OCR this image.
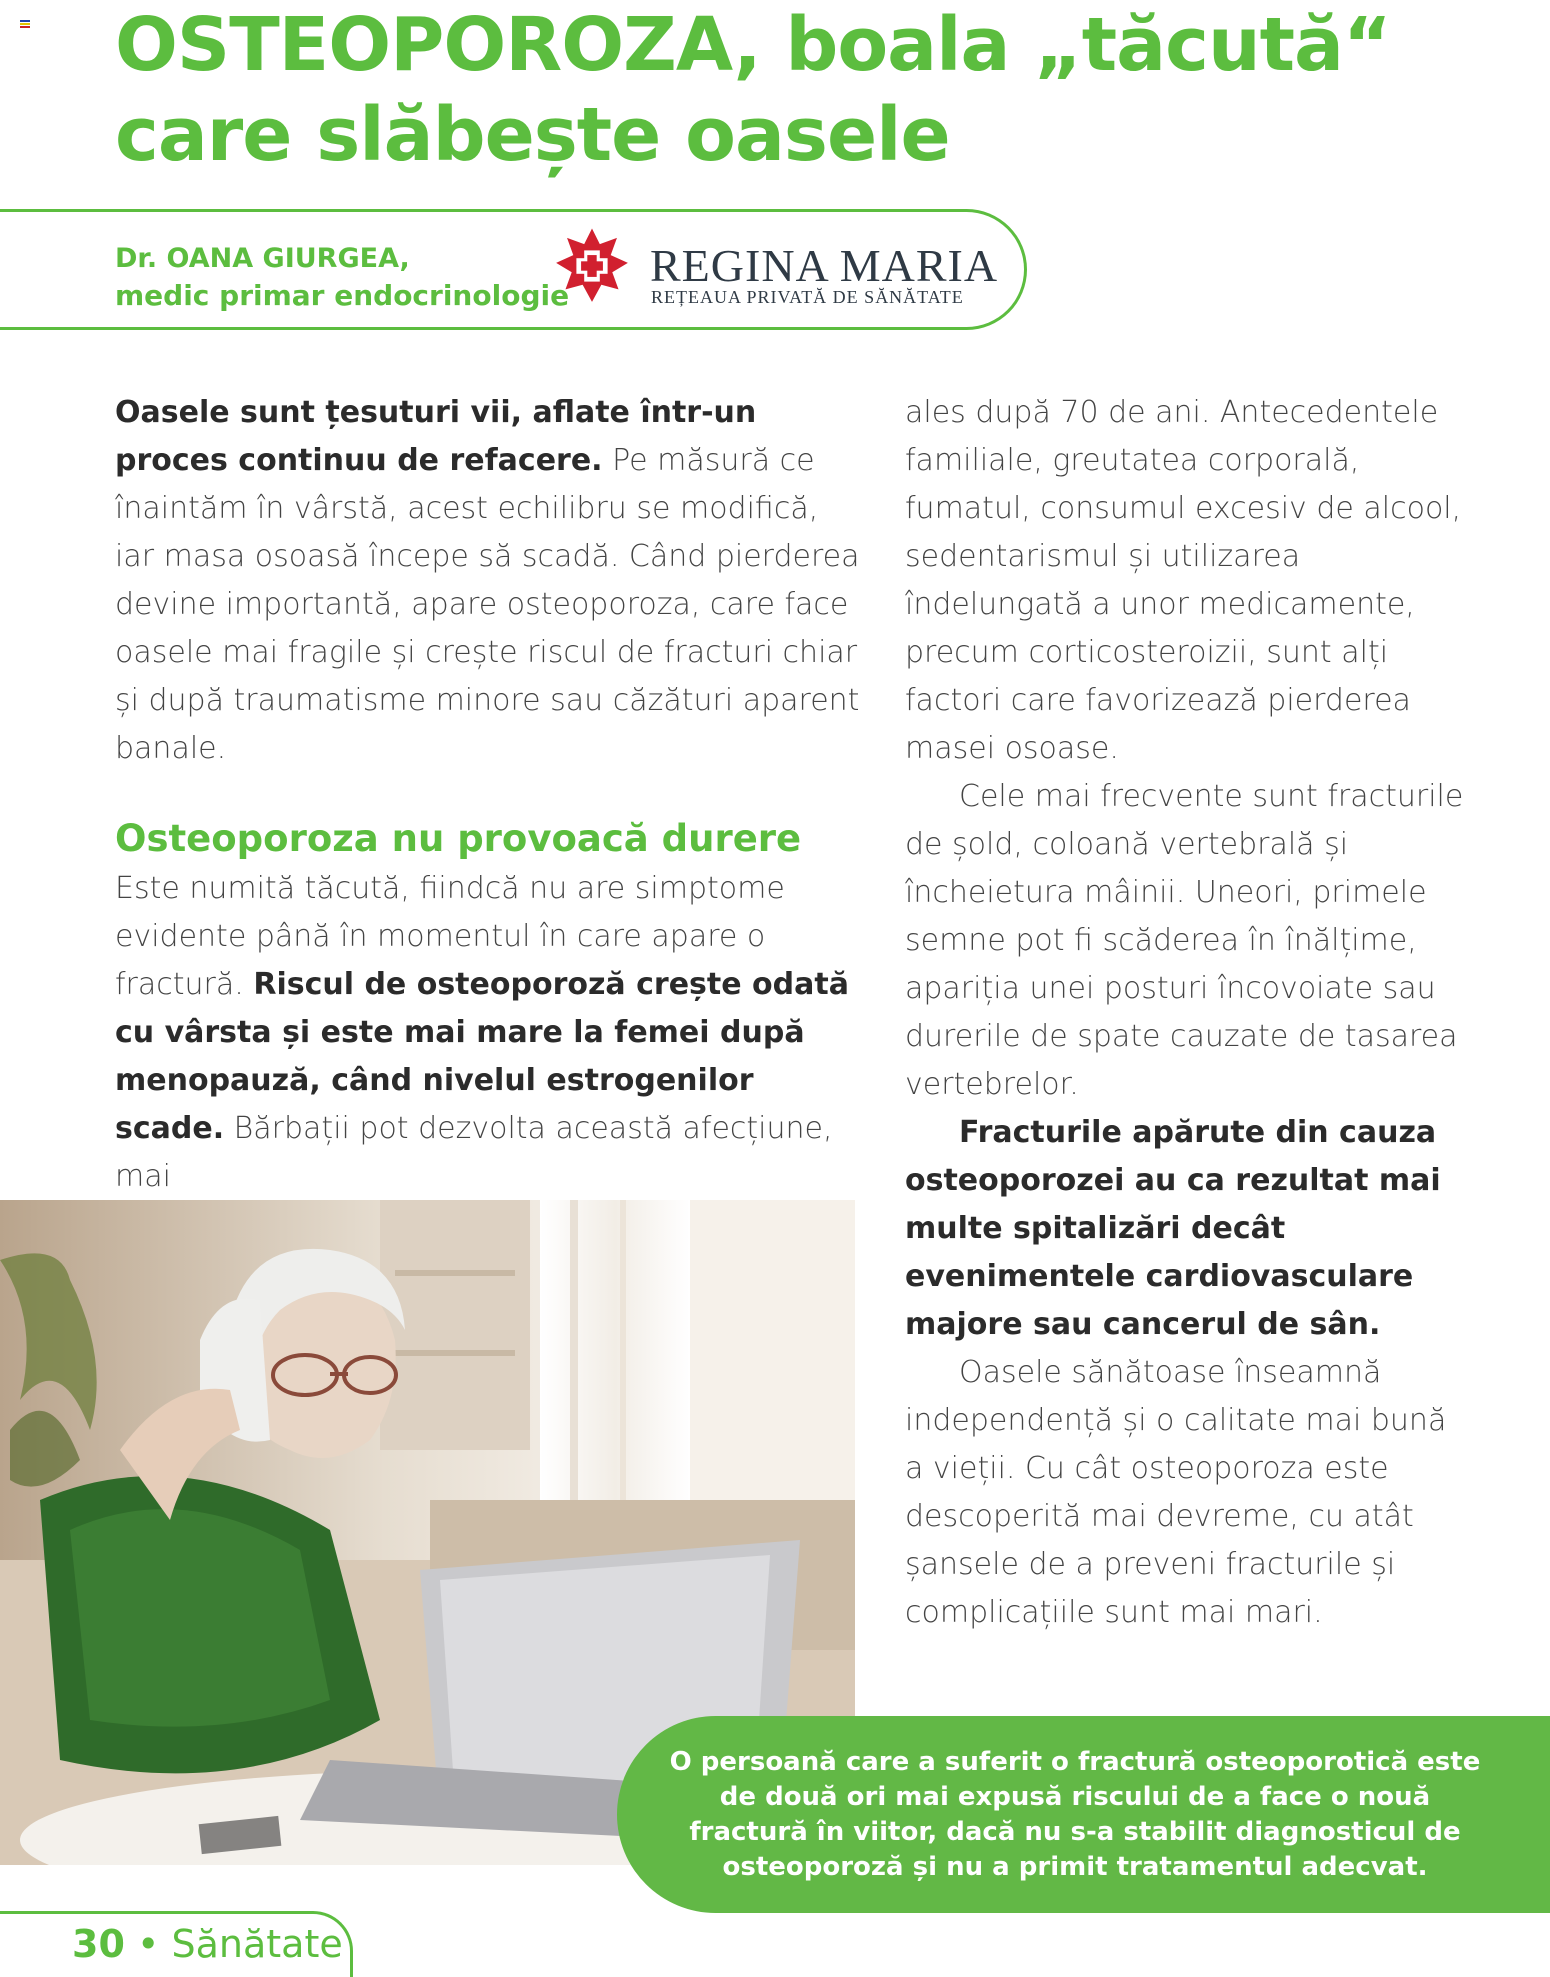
OSTEOPOROZA, boala „tăcută“
care slăbește oasele
Dr. OANA GIURGEA,
medic primar endocrinologie
REGINA MARIA
REȚEAUA PRIVATĂ DE SĂNĂTATE

Oasele sunt țesuturi vii, aflate într-un proces continuu de refacere. Pe măsură ce înaintăm în vârstă, acest echilibru se modifică, iar masa osoasă începe să scadă. Când pierderea devine importantă, apare osteoporoza, care face oasele mai fragile și crește riscul de fracturi chiar și după traumatisme minore sau căzături aparent banale.

Osteoporoza nu provoacă durere

Este numită tăcută, fiindcă nu are simptome evidente până în momentul în care apare o fractură. Riscul de osteoporoză crește odată cu vârsta și este mai mare la femei după menopauză, când nivelul estrogenilor scade. Bărbații pot dezvolta această afecțiune, mai

ales după 70 de ani. Antecedentele familiale, greutatea corporală, fumatul, consumul excesiv de alcool, sedentarismul și utilizarea îndelungată a unor medicamente, precum corticosteroizii, sunt alți factori care favorizează pierderea masei osoase.

Cele mai frecvente sunt fracturile de șold, coloană vertebrală și încheietura mâinii. Uneori, primele semne pot fi scăderea în înălțime, apariția unei posturi încovoiate sau durerile de spate cauzate de tasarea vertebrelor.

Fracturile apărute din cauza osteoporozei au ca rezultat mai multe spitalizări decât evenimentele cardiovasculare majore sau cancerul de sân.

Oasele sănătoase înseamnă independență și o calitate mai bună a vieții. Cu cât osteoporoza este descoperită mai devreme, cu atât șansele de a preveni fracturile și complicațiile sunt mai mari.

O persoană care a suferit o fractură osteoporotică este de două ori mai expusă riscului de a face o nouă fractură în viitor, dacă nu s-a stabilit diagnosticul de osteoporoză și nu a primit tratamentul adecvat.
30 • Sănătate
